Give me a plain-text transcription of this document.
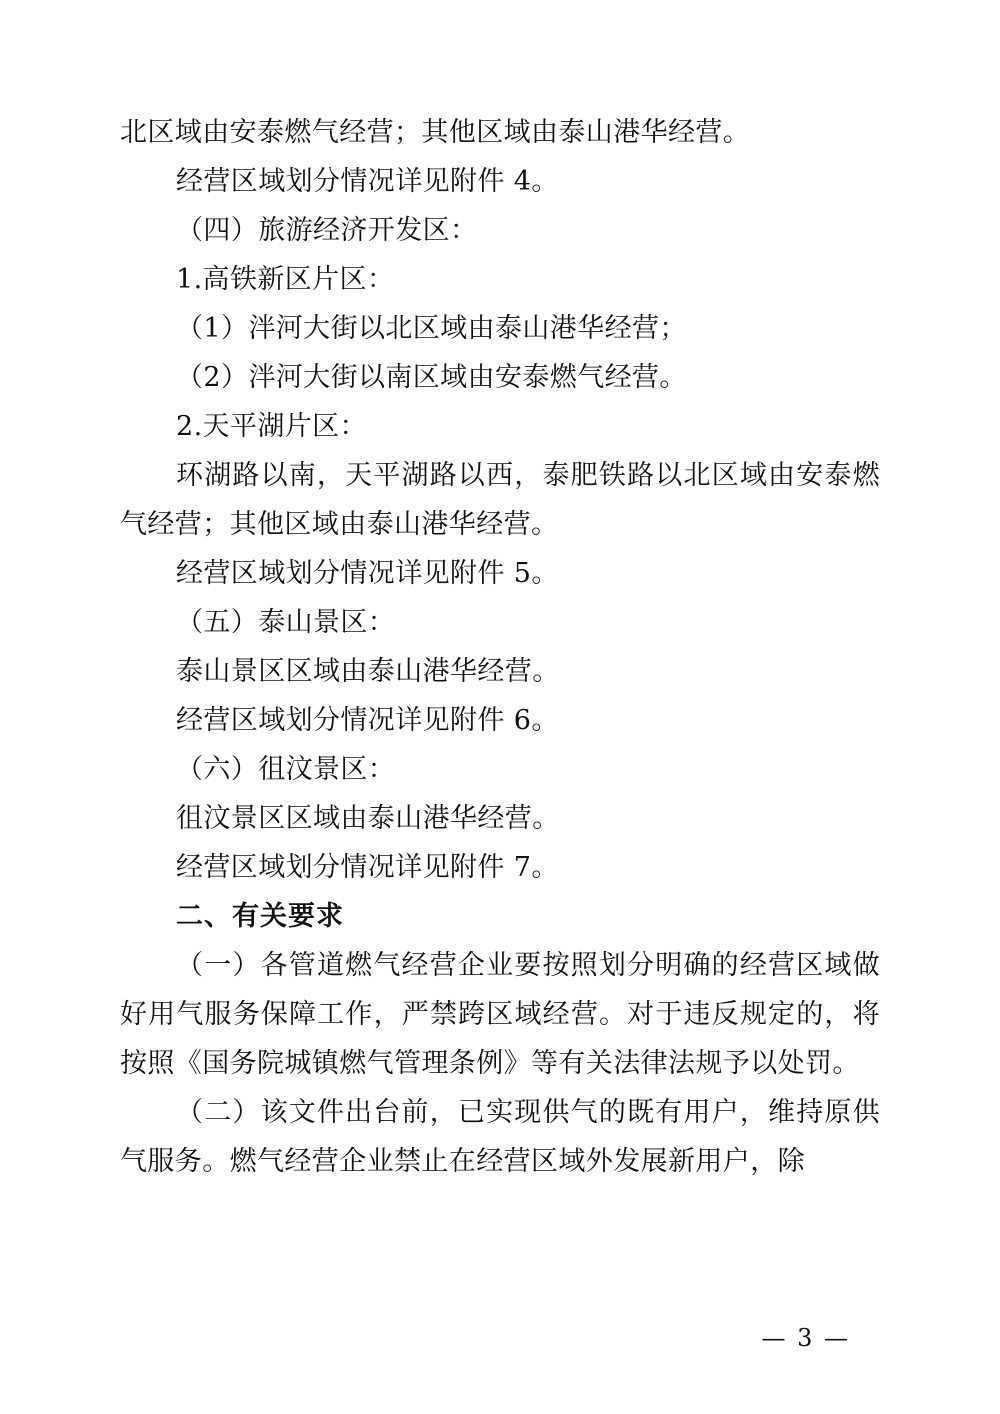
北区域由安泰燃气经营；其他区域由泰山港华经营。

经营区域划分情况详见附件 4。

（四）旅游经济开发区：

1.高铁新区片区：

（1）泮河大街以北区域由泰山港华经营；

（2）泮河大街以南区域由安泰燃气经营。

2.天平湖片区：

环湖路以南，天平湖路以西，泰肥铁路以北区域由安泰燃气经营；其他区域由泰山港华经营。

经营区域划分情况详见附件 5。

（五）泰山景区：

泰山景区区域由泰山港华经营。

经营区域划分情况详见附件 6。

（六）徂汶景区：

徂汶景区区域由泰山港华经营。

经营区域划分情况详见附件 7。

二、有关要求

（一）各管道燃气经营企业要按照划分明确的经营区域做好用气服务保障工作，严禁跨区域经营。对于违反规定的，将按照《国务院城镇燃气管理条例》等有关法律法规予以处罚。

（二）该文件出台前，已实现供气的既有用户，维持原供气服务。燃气经营企业禁止在经营区域外发展新用户，除

— 3 —
